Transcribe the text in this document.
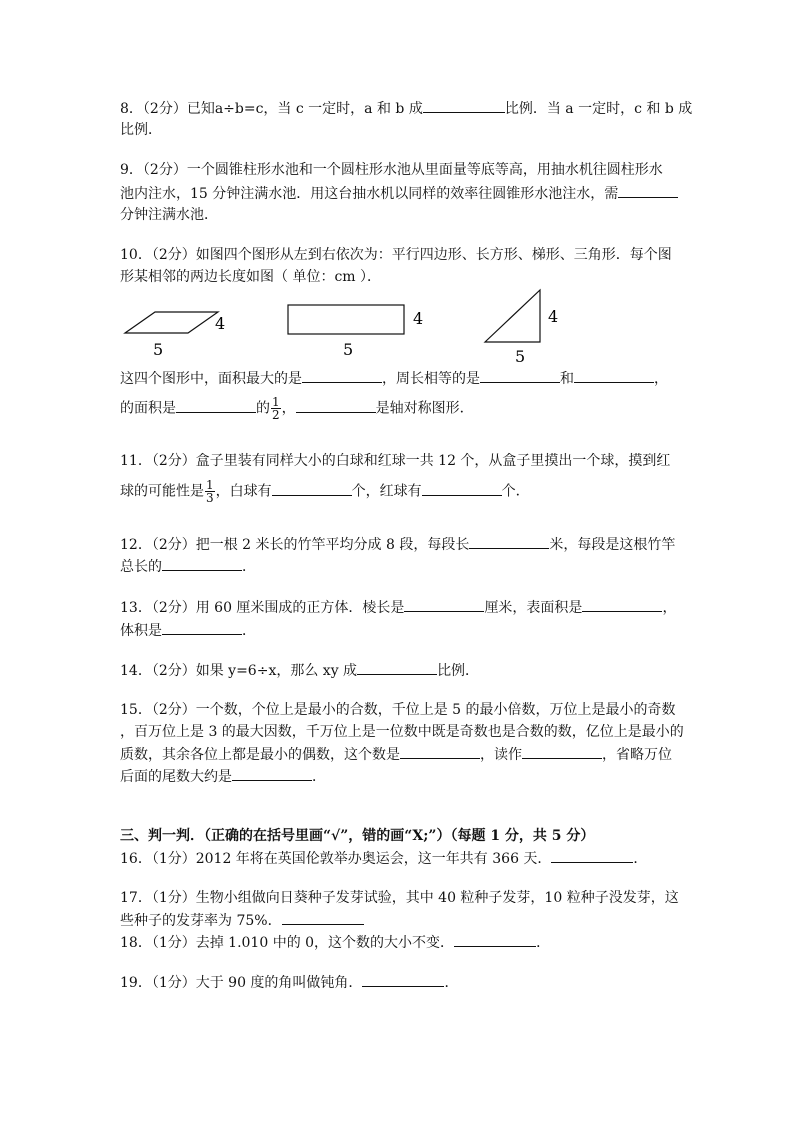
8．（2分）已知a÷b=c，当 c 一定时，a 和 b 成	比例．当 a 一定时，c 和 b 成
比例．
9．（2分）一个圆锥柱形水池和一个圆柱形水池从里面量等底等高，用抽水机往圆柱形水
池内注水，15 分钟注满水池．用这台抽水机以同样的效率往圆锥形水池注水，需
分钟注满水池．
10．（2分）如图四个图形从左到右依次为：平行四边形、长方形、梯形、三角形．每个图
形某相邻的两边长度如图（ 单位：cm ）．
4
5
4
5
4
5
这四个图形中，面积最大的是	，周长相等的是	和	，
的面积是	的 $\frac{1}{2}$ ，	是轴对称图形．
11．（2分）盒子里装有同样大小的白球和红球一共 12 个，从盒子里摸出一个球，摸到红
球的可能性是 $\frac{1}{3}$ ，白球有	个，红球有	个．
12．（2分）把一根 2 米长的竹竿平均分成 8 段，每段长	米，每段是这根竹竿
总长的	．
13．（2分）用 60 厘米围成的正方体．棱长是	厘米，表面积是	，
体积是	．
14．（2分）如果 y=6÷x，那么 xy 成	比例．
15．（2分）一个数，个位上是最小的合数，千位上是 5 的最小倍数，万位上是最小的奇数
，百万位上是 3 的最大因数，千万位上是一位数中既是奇数也是合数的数，亿位上是最小的
质数，其余各位上都是最小的偶数，这个数是	，读作	，省略万位
后面的尾数大约是	．
三、判一判．（正确的在括号里画“√”，错的画“X;”）（每题 1 分，共 5 分）
16．（1分）2012 年将在英国伦敦举办奥运会，这一年共有 366 天．	．
17．（1分）生物小组做向日葵种子发芽试验，其中 40 粒种子发芽，10 粒种子没发芽，这
些种子的发芽率为 75%．
18．（1分）去掉 1.010 中的 0，这个数的大小不变．	．
19．（1分）大于 90 度的角叫做钝角．	．
